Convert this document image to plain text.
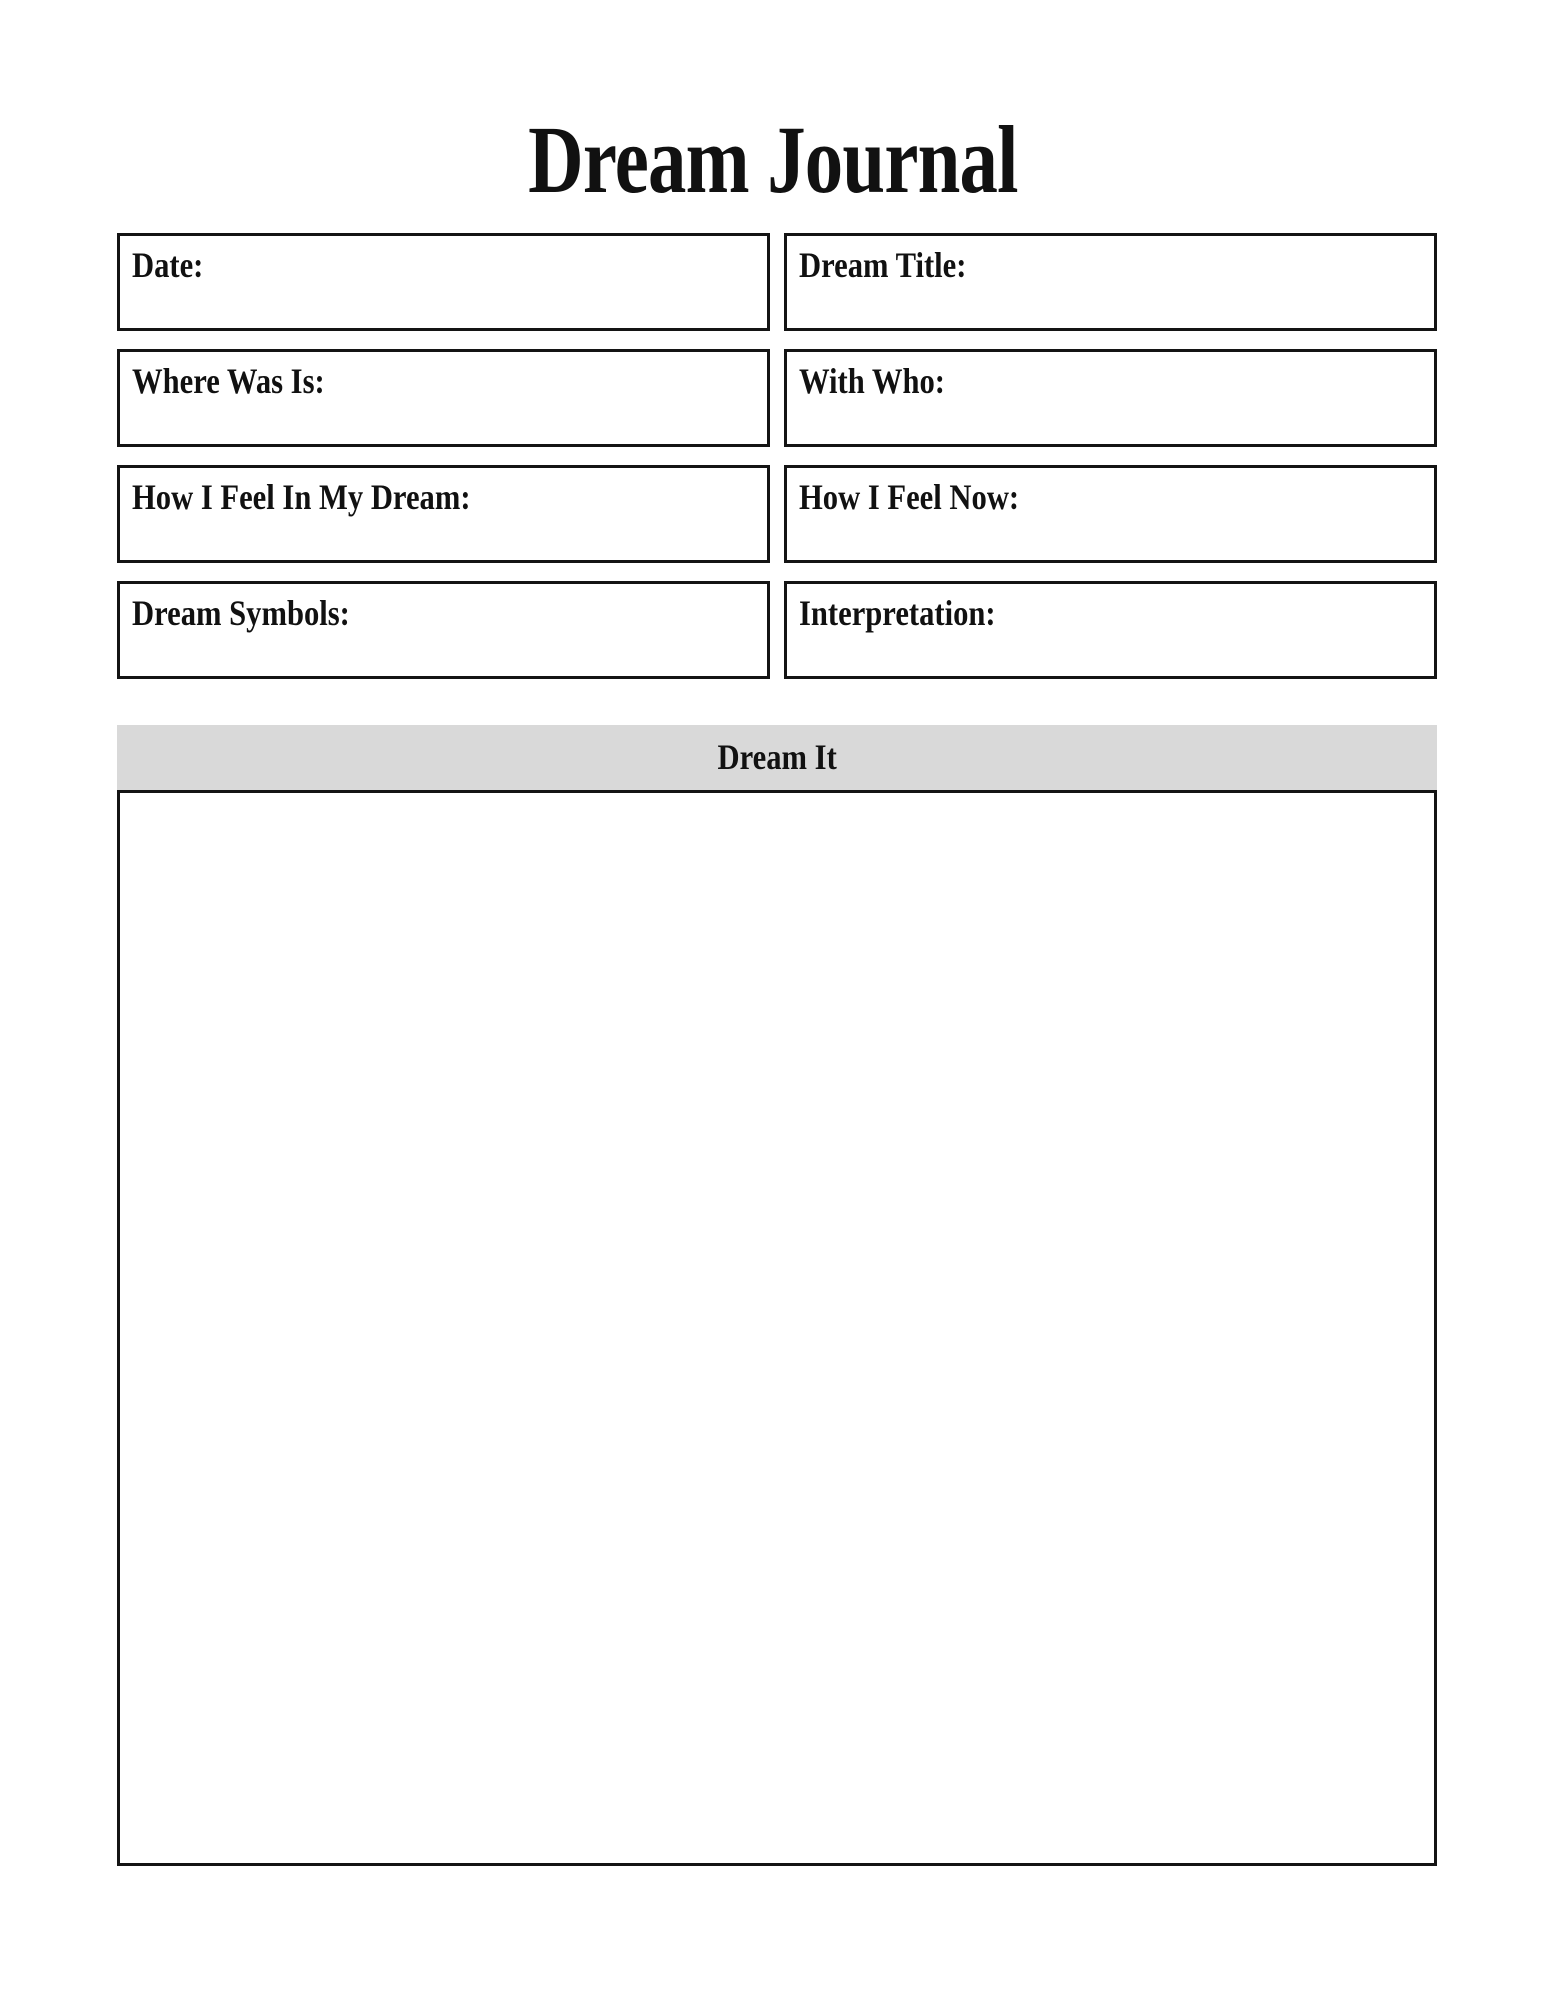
Dream Journal
Date:	Dream Title:
Where Was Is:	With Who:
How I Feel In My Dream:	How I Feel Now:
Dream Symbols:	Interpretation:
Dream It
